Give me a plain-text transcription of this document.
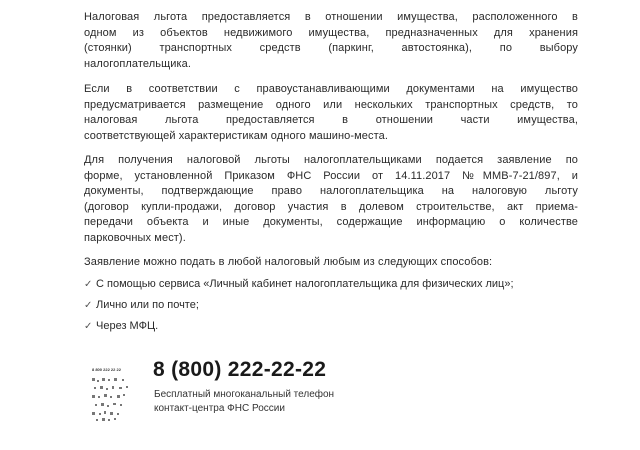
Налоговая льгота предоставляется в отношении имущества, расположенного в
одном из объектов недвижимого имущества, предназначенных для хранения
(стоянки) транспортных средств (паркинг, автостоянка), по выбору
налогоплательщика.
Если в соответствии с правоустанавливающими документами на имущество
предусматривается размещение одного или нескольких транспортных средств, то
налоговая льгота предоставляется в отношении части имущества,
соответствующей характеристикам одного машино-места.
Для получения налоговой льготы налогоплательщиками подается заявление по
форме, установленной Приказом ФНС России от 14.11.2017 №ММВ-7-21/897, и
документы, подтверждающие право налогоплательщика на налоговую льготу
(договор купли-продажи, договор участия в долевом строительстве, акт приема-
передачи объекта и иные документы, содержащие информацию о количестве
парковочных мест).
Заявление можно подать в любой налоговый любым из следующих способов:
✓ С помощью сервиса «Личный кабинет налогоплательщика для физических лиц»;
✓ Лично или по почте;
✓ Через МФЦ.
8 800 222 22 22 8 (800) 222-22-22
Бесплатный многоканальный телефон
контакт-центра ФНС России
